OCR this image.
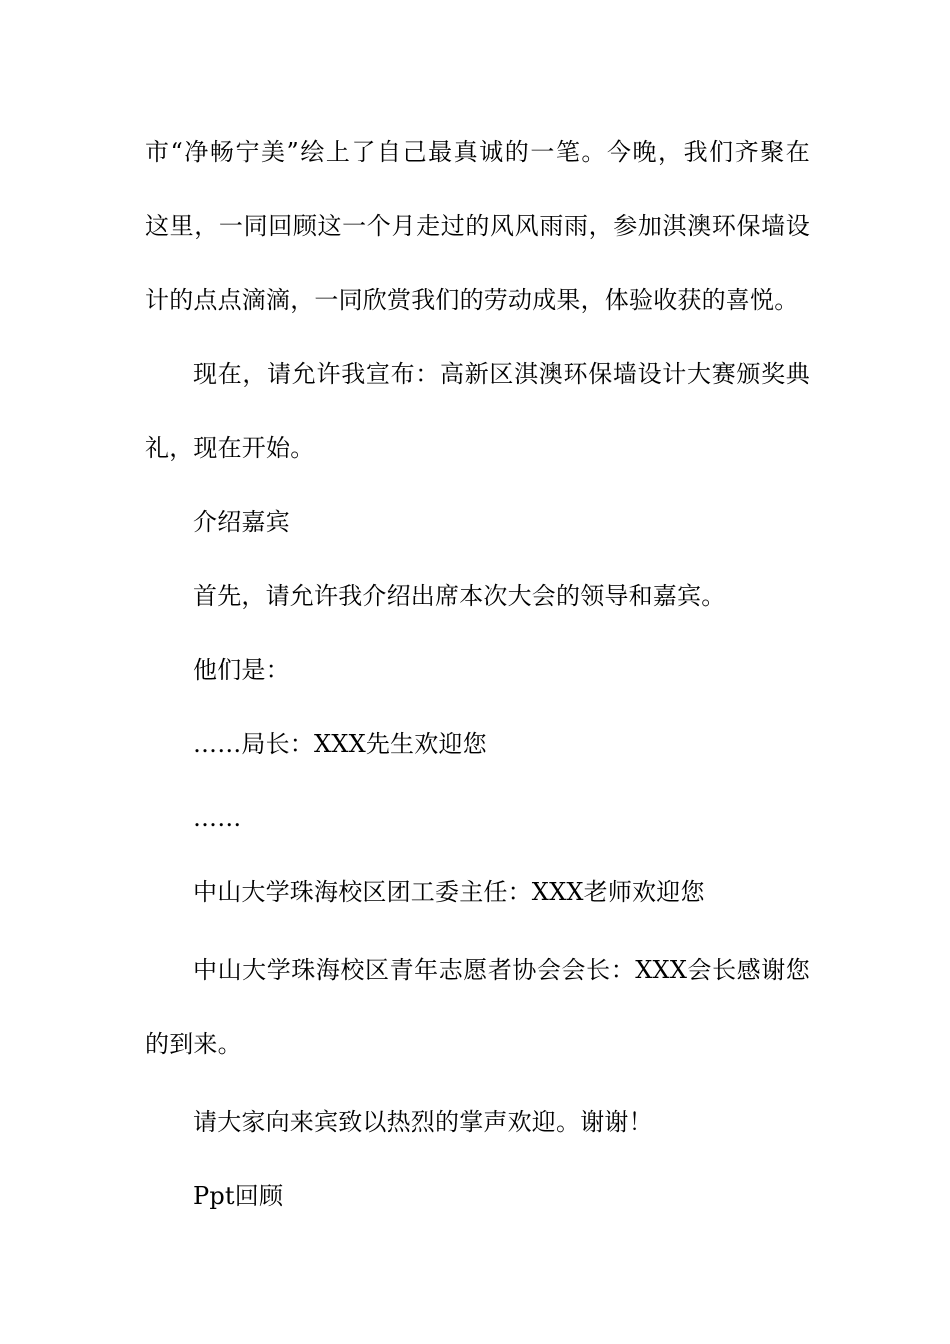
市“净畅宁美”绘上了自己最真诚的一笔。今晚，我们齐聚在
这里，一同回顾这一个月走过的风风雨雨，参加淇澳环保墙设
计的点点滴滴，一同欣赏我们的劳动成果，体验收获的喜悦。
现在，请允许我宣布：高新区淇澳环保墙设计大赛颁奖典
礼，现在开始。
介绍嘉宾
首先，请允许我介绍出席本次大会的领导和嘉宾。
他们是：
……局长：XXX先生欢迎您
……
中山大学珠海校区团工委主任：XXX老师欢迎您
中山大学珠海校区青年志愿者协会会长：XXX会长感谢您
的到来。
请大家向来宾致以热烈的掌声欢迎。谢谢！
Ppt回顾
